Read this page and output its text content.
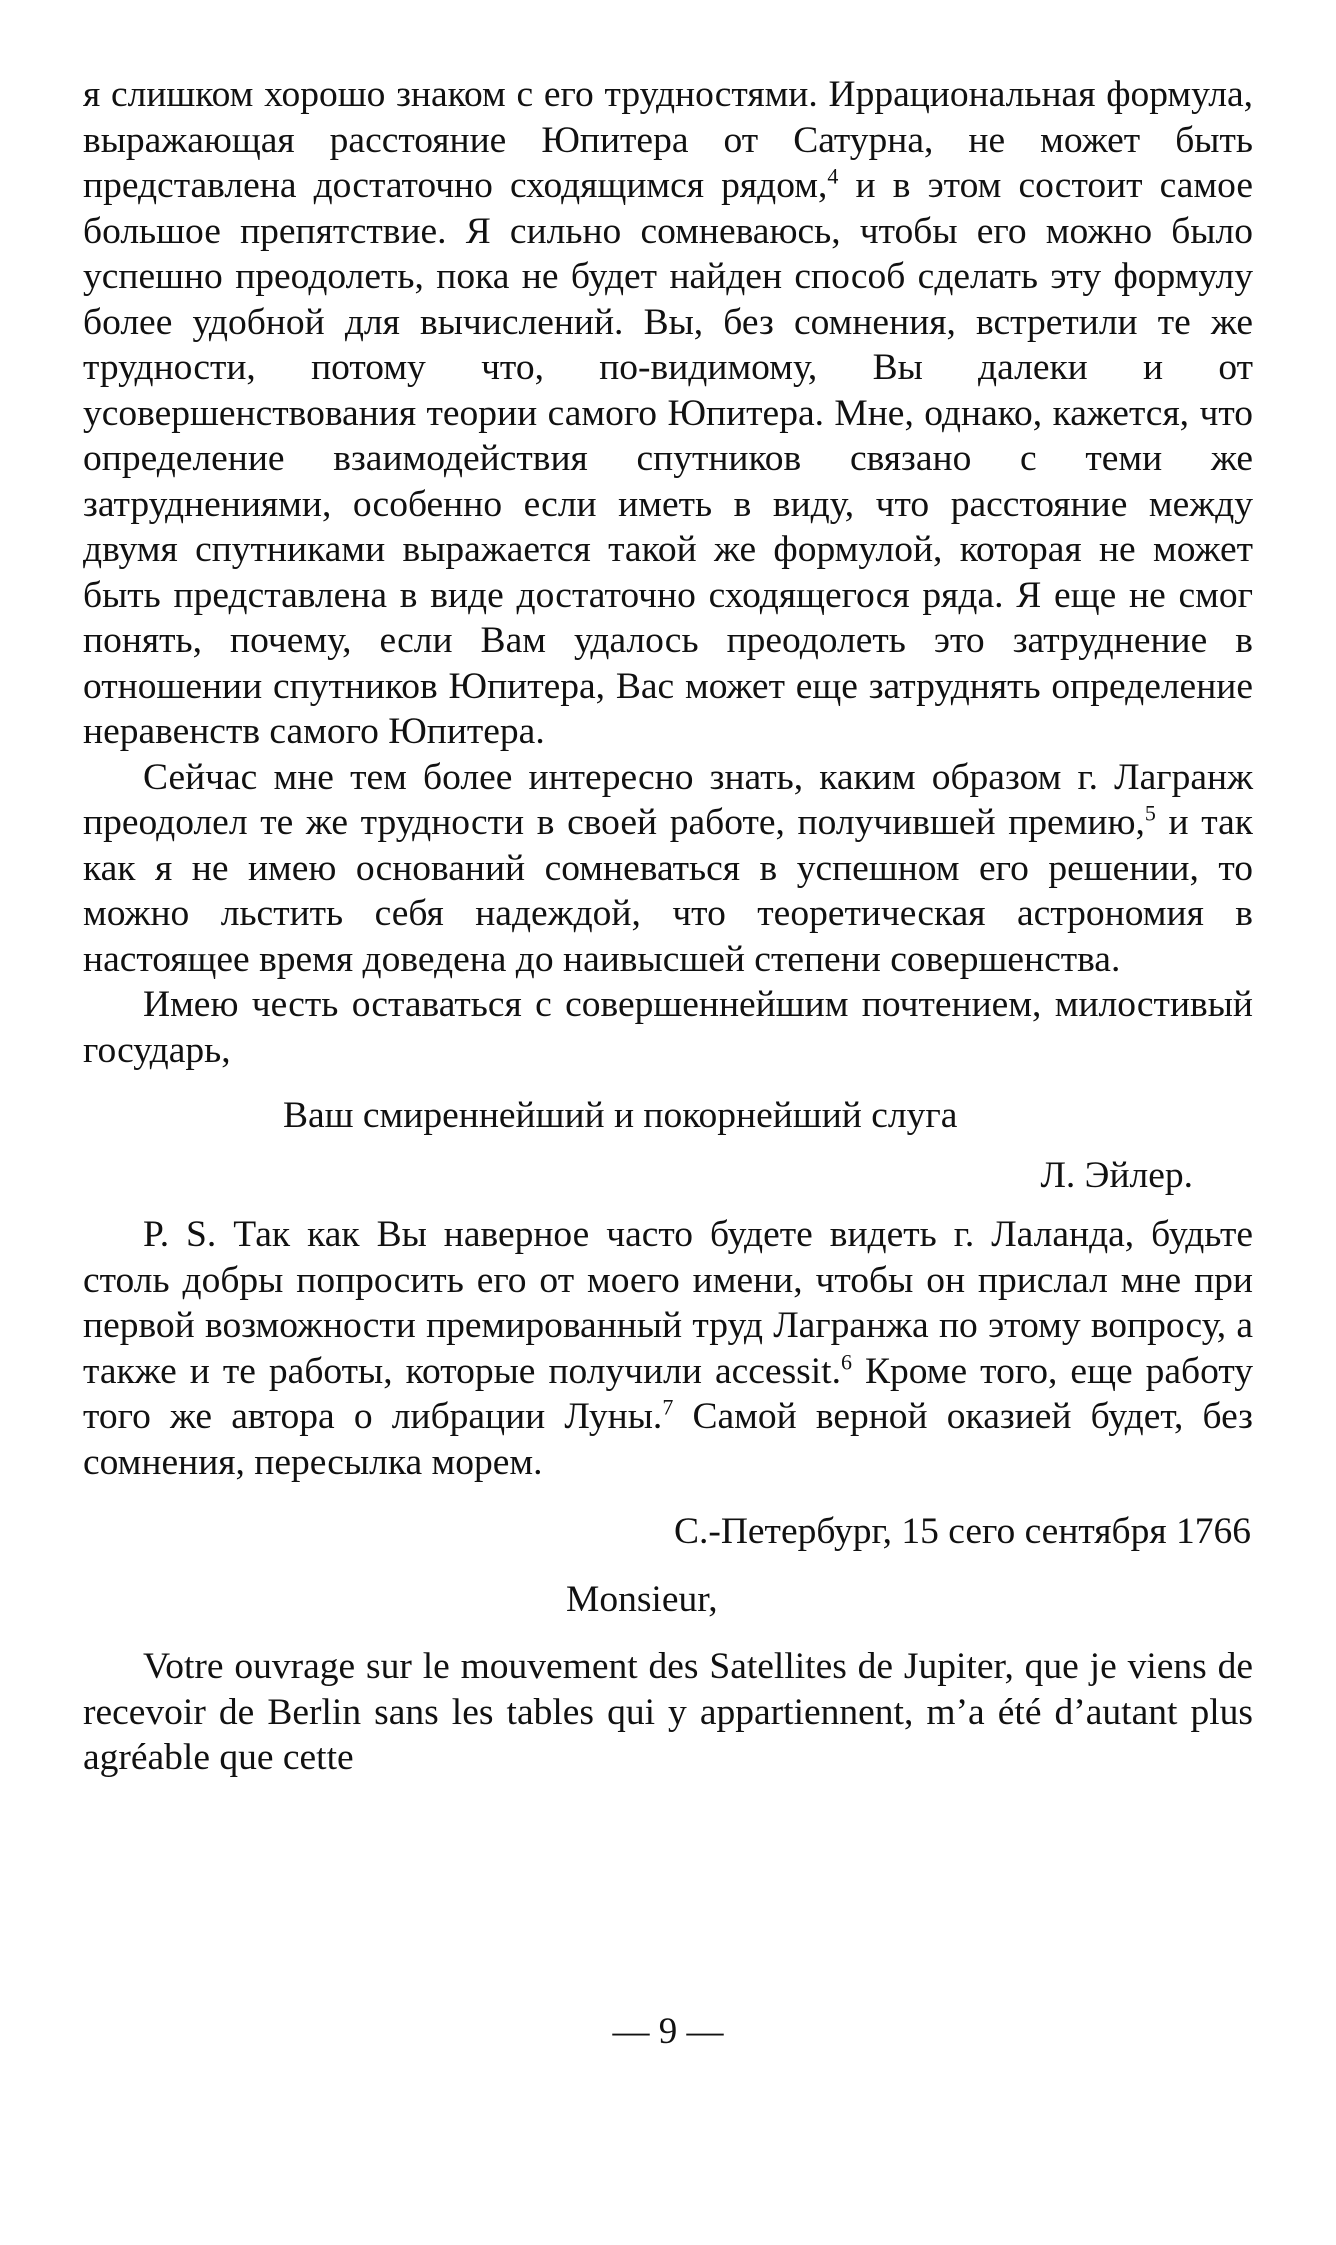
я слишком хорошо знаком с его трудностями. Иррациональная формула, выражающая расстояние Юпитера от Сатурна, не может быть представлена достаточно сходящимся рядом,$^4$ и в этом состоит самое большое препятствие. Я сильно сомневаюсь, чтобы его можно было успешно преодолеть, пока не будет найден способ сделать эту формулу более удобной для вычислений. Вы, без сомнения, встретили те же трудности, потому что, по-видимому, Вы далеки и от усовершенствования теории самого Юпитера. Мне, однако, кажется, что определение взаимодействия спутников связано с теми же затруднениями, особенно если иметь в виду, что расстояние между двумя спутниками выражается такой же формулой, которая не может быть представлена в виде достаточно сходящегося ряда. Я еще не смог понять, почему, если Вам удалось преодолеть это затруднение в отношении спутников Юпитера, Вас может еще затруднять определение неравенств самого Юпитера.

Сейчас мне тем более интересно знать, каким образом г. Лагранж преодолел те же трудности в своей работе, получившей премию,$^5$ и так как я не имею оснований сомневаться в успешном его решении, то можно льстить себя надеждой, что теоретическая астрономия в настоящее время доведена до наивысшей степени совершенства.

Имею честь оставаться с совершеннейшим почтением, милостивый государь,

Ваш смиреннейший и покорнейший слуга

Л. Эйлер.

P. S. Так как Вы наверное часто будете видеть г. Лаланда, будьте столь добры попросить его от моего имени, чтобы он прислал мне при первой возможности премированный труд Лагранжа по этому вопросу, а также и те работы, которые получили accessit.$^6$ Кроме того, еще работу того же автора о либрации Луны.$^7$ Самой верной оказией будет, без сомнения, пересылка морем.

С.-Петербург, 15 сего сентября 1766

Monsieur,

Votre ouvrage sur le mouvement des Satellites de Jupiter, que je viens de recevoir de Berlin sans les tables qui y appartiennent, m’a été d’autant plus agréable que cette

— 9 —
